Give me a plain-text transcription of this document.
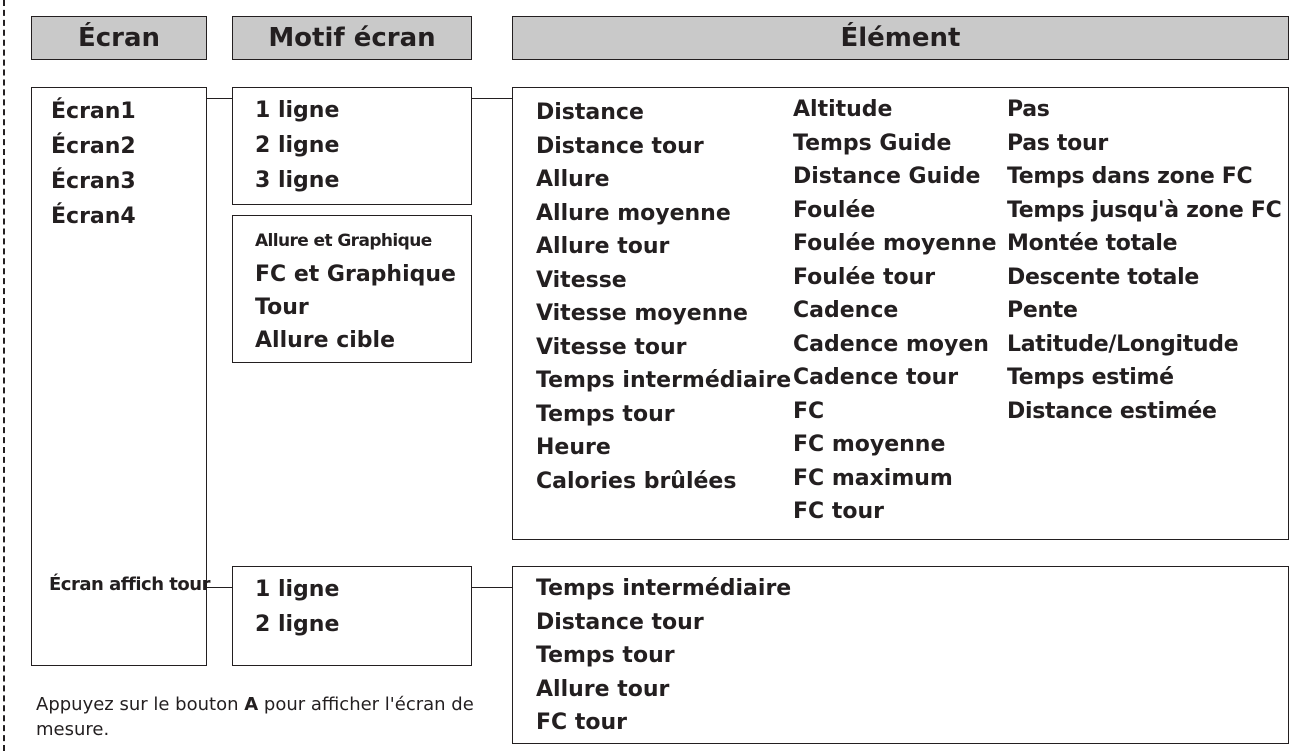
Écran	Motif écran	Élément
Écran1
Écran2
Écran3
Écran4
Écran affich tour
1 ligne
2 ligne
3 ligne
Allure et Graphique
FC et Graphique
Tour
Allure cible
1 ligne
2 ligne
Distance
Distance tour
Allure
Allure moyenne
Allure tour
Vitesse
Vitesse moyenne
Vitesse tour
Temps intermédiaire
Temps tour
Heure
Calories brûlées
Altitude
Temps Guide
Distance Guide
Foulée
Foulée moyenne
Foulée tour
Cadence
Cadence moyen
Cadence tour
FC
FC moyenne
FC maximum
FC tour
Pas
Pas tour
Temps dans zone FC
Temps jusqu'à zone FC
Montée totale
Descente totale
Pente
Latitude/Longitude
Temps estimé
Distance estimée
Temps intermédiaire
Distance tour
Temps tour
Allure tour
FC tour
Appuyez sur le bouton A pour afficher l'écran de mesure.
